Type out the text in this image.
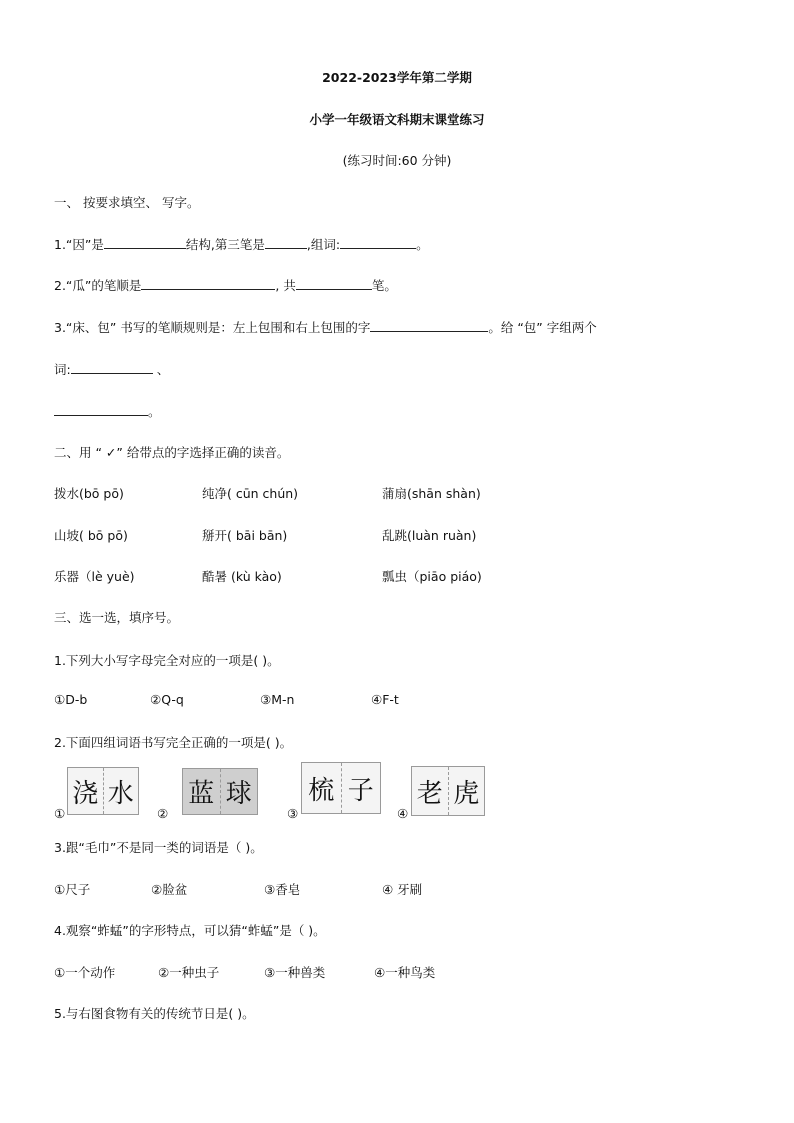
2022-2023学年第二学期
小学一年级语文科期末课堂练习
(练习时间:60 分钟)
一、 按要求填空、 写字。
1.“因”是	结构,第三笔是	,组词:	。
2.“瓜”的笔顺是	, 共	笔。
3.“床、包” 书写的笔顺规则是：左上包围和右上包围的字	。给 “包” 字组两个
词:	、
。
二、用 “ ✓” 给带点的字选择正确的读音。
拨水(bō pō)	纯净( cūn chún)	蒲扇(shān shàn)
山坡( bō pō)	掰开( bāi bān)	乱跳(luàn ruàn)
乐器（lè yuè)	酷暑 (kù kào)	瓢虫（piāo piáo)
三、选一选，填序号。
1.下列大小写字母完全对应的一项是( )。
①D-b	②Q-q	③M-n	④F-t
2.下面四组词语书写完全正确的一项是( )。
①
浇 水
②
蓝 球
③
梳 子
④
老 虎
3.跟“毛巾”不是同一类的词语是（ )。
①尺子	②脸盆	③香皂	④ 牙刷
4.观察“蚱蜢”的字形特点，可以猜“蚱蜢”是（ )。
①一个动作	②一种虫子	③一种兽类	④一种鸟类
5.与右图食物有关的传统节日是( )。
